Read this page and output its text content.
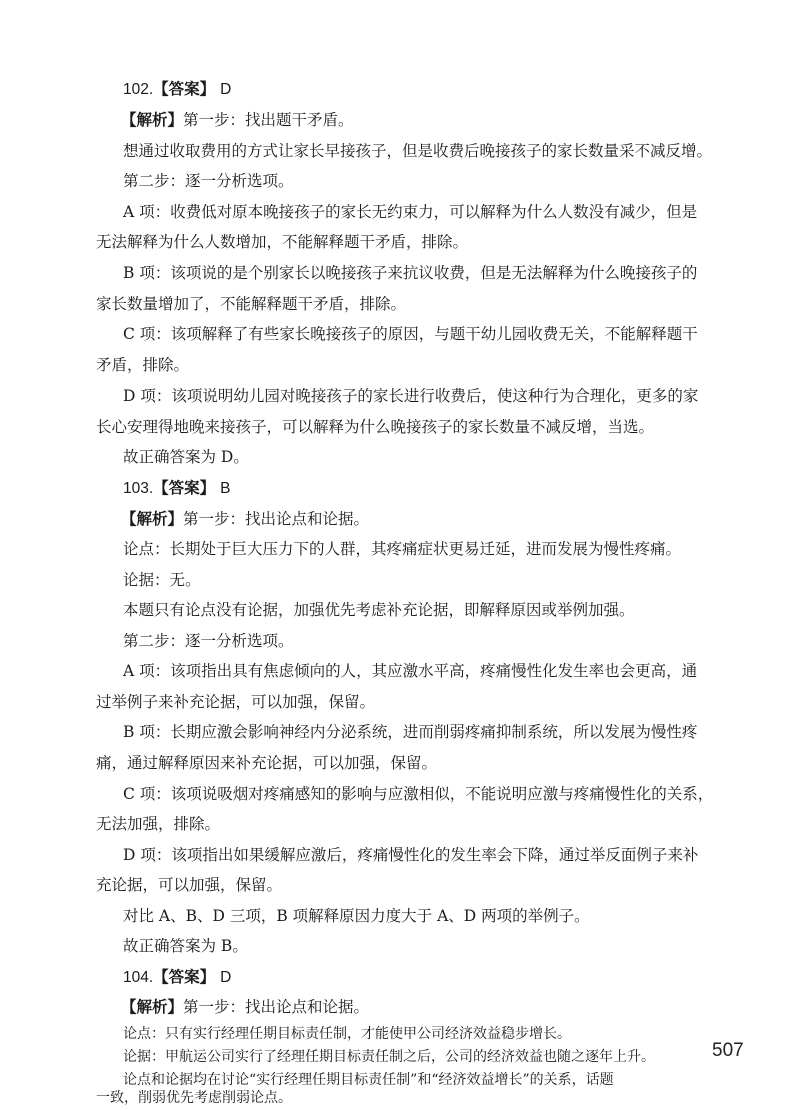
102.【答案】 D
【解析】第一步：找出题干矛盾。
想通过收取费用的方式让家长早接孩子，但是收费后晚接孩子的家长数量采不减反增。
第二步：逐一分析选项。
A 项：收费低对原本晚接孩子的家长无约束力，可以解释为什么人数没有减少，但是
无法解释为什么人数增加，不能解释题干矛盾，排除。
B 项：该项说的是个别家长以晚接孩子来抗议收费，但是无法解释为什么晚接孩子的
家长数量增加了，不能解释题干矛盾，排除。
C 项：该项解释了有些家长晚接孩子的原因，与题干幼儿园收费无关，不能解释题干
矛盾，排除。
D 项：该项说明幼儿园对晚接孩子的家长进行收费后，使这种行为合理化，更多的家
长心安理得地晚来接孩子，可以解释为什么晚接孩子的家长数量不减反增，当选。
故正确答案为 D。
103.【答案】 B
【解析】第一步：找出论点和论据。
论点：长期处于巨大压力下的人群，其疼痛症状更易迁延，进而发展为慢性疼痛。
论据：无。
本题只有论点没有论据，加强优先考虑补充论据，即解释原因或举例加强。
第二步：逐一分析选项。
A 项：该项指出具有焦虑倾向的人，其应激水平高，疼痛慢性化发生率也会更高，通
过举例子来补充论据，可以加强，保留。
B 项：长期应激会影响神经内分泌系统，进而削弱疼痛抑制系统，所以发展为慢性疼
痛，通过解释原因来补充论据，可以加强，保留。
C 项：该项说吸烟对疼痛感知的影响与应激相似，不能说明应激与疼痛慢性化的关系，
无法加强，排除。
D 项：该项指出如果缓解应激后，疼痛慢性化的发生率会下降，通过举反面例子来补
充论据，可以加强，保留。
对比 A、B、D 三项，B 项解释原因力度大于 A、D 两项的举例子。
故正确答案为 B。
104.【答案】 D
【解析】第一步：找出论点和论据。
507
论点：只有实行经理任期目标责任制，才能使甲公司经济效益稳步增长。
论据：甲航运公司实行了经理任期目标责任制之后，公司的经济效益也随之逐年上升。
论点和论据均在讨论“实行经理任期目标责任制”和“经济效益增长”的关系，话题
一致，削弱优先考虑削弱论点。
